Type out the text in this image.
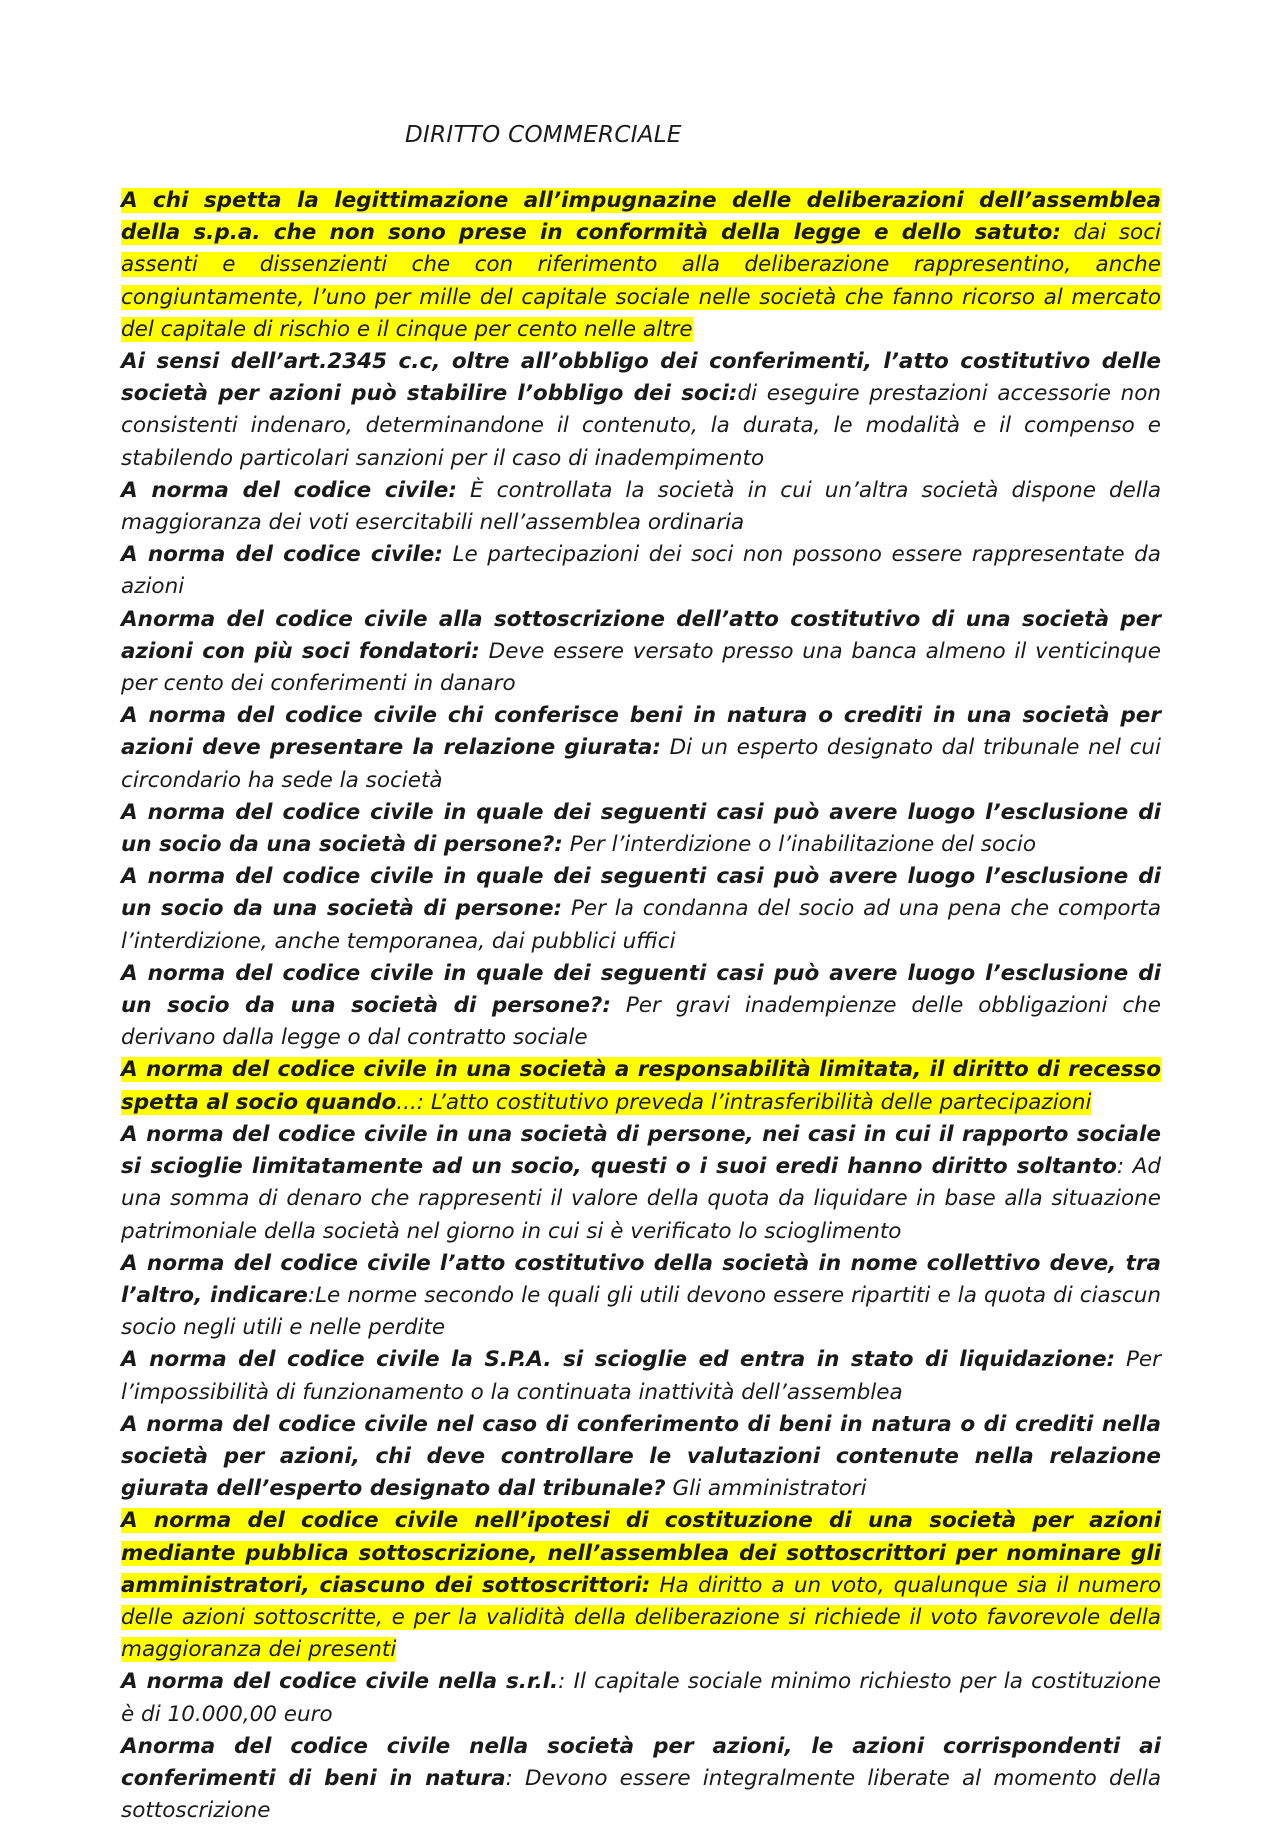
DIRITTO COMMERCIALE

A chi spetta la legittimazione all’impugnazine delle deliberazioni dell’assemblea della s.p.a. che non sono prese in conformità della legge e dello satuto: dai soci assenti e dissenzienti che con riferimento alla deliberazione rappresentino, anche congiuntamente, l’uno per mille del capitale sociale nelle società che fanno ricorso al mercato del capitale di rischio e il cinque per cento nelle altre

Ai sensi dell’art.2345 c.c, oltre all’obbligo dei conferimenti, l’atto costitutivo delle società per azioni può stabilire l’obbligo dei soci:di eseguire prestazioni accessorie non consistenti indenaro, determinandone il contenuto, la durata, le modalità e il compenso e stabilendo particolari sanzioni per il caso di inadempimento

A norma del codice civile: È controllata la società in cui un’altra società dispone della maggioranza dei voti esercitabili nell’assemblea ordinaria

A norma del codice civile: Le partecipazioni dei soci non possono essere rappresentate da azioni

Anorma del codice civile alla sottoscrizione dell’atto costitutivo di una società per azioni con più soci fondatori: Deve essere versato presso una banca almeno il venticinque per cento dei conferimenti in danaro

A norma del codice civile chi conferisce beni in natura o crediti in una società per azioni deve presentare la relazione giurata: Di un esperto designato dal tribunale nel cui circondario ha sede la società

A norma del codice civile in quale dei seguenti casi può avere luogo l’esclusione di un socio da una società di persone?: Per l’interdizione o l’inabilitazione del socio

A norma del codice civile in quale dei seguenti casi può avere luogo l’esclusione di un socio da una società di persone: Per la condanna del socio ad una pena che comporta l’interdizione, anche temporanea, dai pubblici uffici

A norma del codice civile in quale dei seguenti casi può avere luogo l’esclusione di un socio da una società di persone?: Per gravi inadempienze delle obbligazioni che derivano dalla legge o dal contratto sociale

A norma del codice civile in una società a responsabilità limitata, il diritto di recesso spetta al socio quando...: L’atto costitutivo preveda l’intrasferibilità delle partecipazioni

A norma del codice civile in una società di persone, nei casi in cui il rapporto sociale si scioglie limitatamente ad un socio, questi o i suoi eredi hanno diritto soltanto: Ad una somma di denaro che rappresenti il valore della quota da liquidare in base alla situazione patrimoniale della società nel giorno in cui si è verificato lo scioglimento

A norma del codice civile l’atto costitutivo della società in nome collettivo deve, tra l’altro, indicare:Le norme secondo le quali gli utili devono essere ripartiti e la quota di ciascun socio negli utili e nelle perdite

A norma del codice civile la S.P.A. si scioglie ed entra in stato di liquidazione: Per l’impossibilità di funzionamento o la continuata inattività dell’assemblea

A norma del codice civile nel caso di conferimento di beni in natura o di crediti nella società per azioni, chi deve controllare le valutazioni contenute nella relazione giurata dell’esperto designato dal tribunale? Gli amministratori

A norma del codice civile nell’ipotesi di costituzione di una società per azioni mediante pubblica sottoscrizione, nell’assemblea dei sottoscrittori per nominare gli amministratori, ciascuno dei sottoscrittori: Ha diritto a un voto, qualunque sia il numero delle azioni sottoscritte, e per la validità della deliberazione si richiede il voto favorevole della maggioranza dei presenti

A norma del codice civile nella s.r.l.: Il capitale sociale minimo richiesto per la costituzione è di 10.000,00 euro

Anorma del codice civile nella società per azioni, le azioni corrispondenti ai conferimenti di beni in natura: Devono essere integralmente liberate al momento della sottoscrizione
